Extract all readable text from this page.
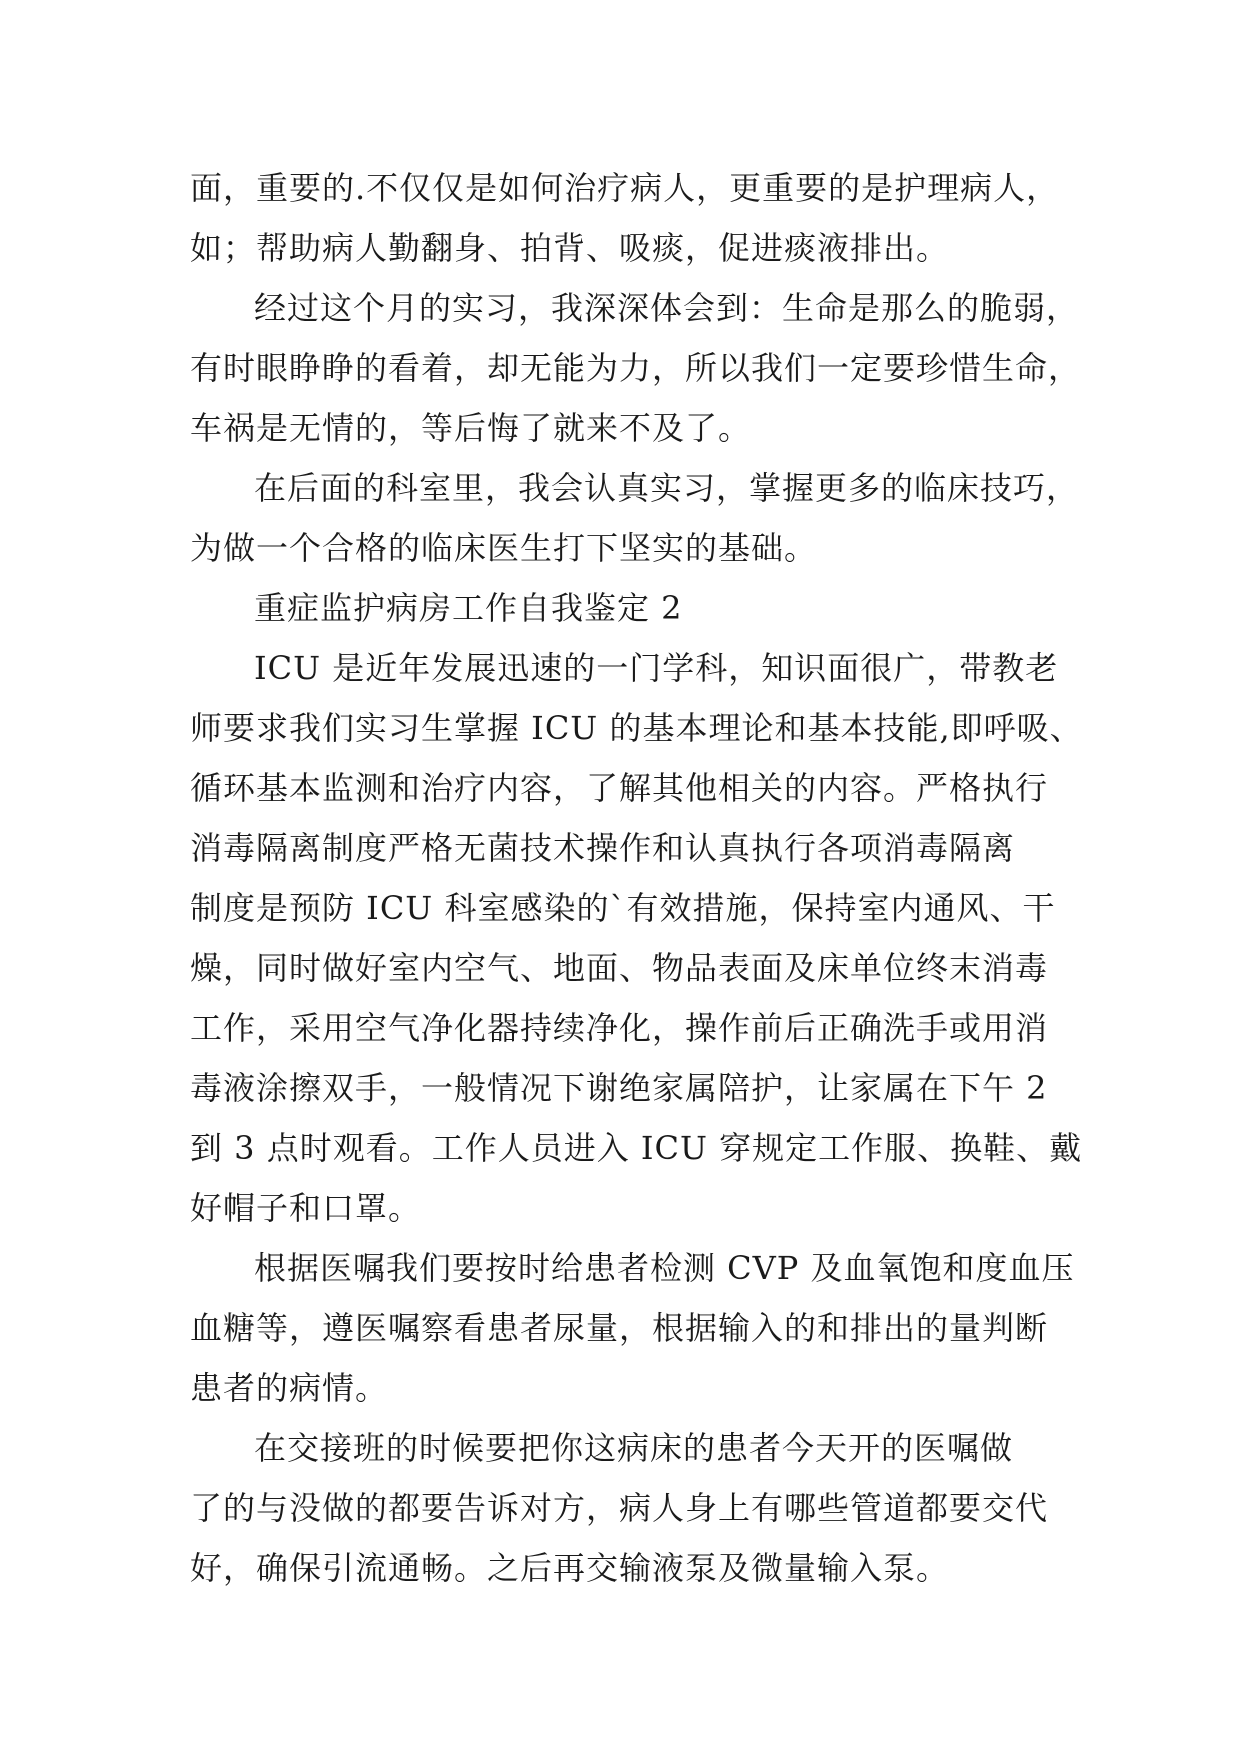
面，重要的.不仅仅是如何治疗病人，更重要的是护理病人，
如；帮助病人勤翻身、拍背、吸痰，促进痰液排出。
经过这个月的实习，我深深体会到：生命是那么的脆弱，
有时眼睁睁的看着，却无能为力，所以我们一定要珍惜生命，
车祸是无情的，等后悔了就来不及了。
在后面的科室里，我会认真实习，掌握更多的临床技巧，
为做一个合格的临床医生打下坚实的基础。
重症监护病房工作自我鉴定 2
ICU 是近年发展迅速的一门学科，知识面很广，带教老
师要求我们实习生掌握 ICU 的基本理论和基本技能,即呼吸、
循环基本监测和治疗内容，了解其他相关的内容。严格执行
消毒隔离制度严格无菌技术操作和认真执行各项消毒隔离
制度是预防 ICU 科室感染的`有效措施，保持室内通风、干
燥，同时做好室内空气、地面、物品表面及床单位终末消毒
工作，采用空气净化器持续净化，操作前后正确洗手或用消
毒液涂擦双手，一般情况下谢绝家属陪护，让家属在下午 2
到 3 点时观看。工作人员进入 ICU 穿规定工作服、换鞋、戴
好帽子和口罩。
根据医嘱我们要按时给患者检测 CVP 及血氧饱和度血压
血糖等，遵医嘱察看患者尿量，根据输入的和排出的量判断
患者的病情。
在交接班的时候要把你这病床的患者今天开的医嘱做
了的与没做的都要告诉对方，病人身上有哪些管道都要交代
好，确保引流通畅。之后再交输液泵及微量输入泵。
